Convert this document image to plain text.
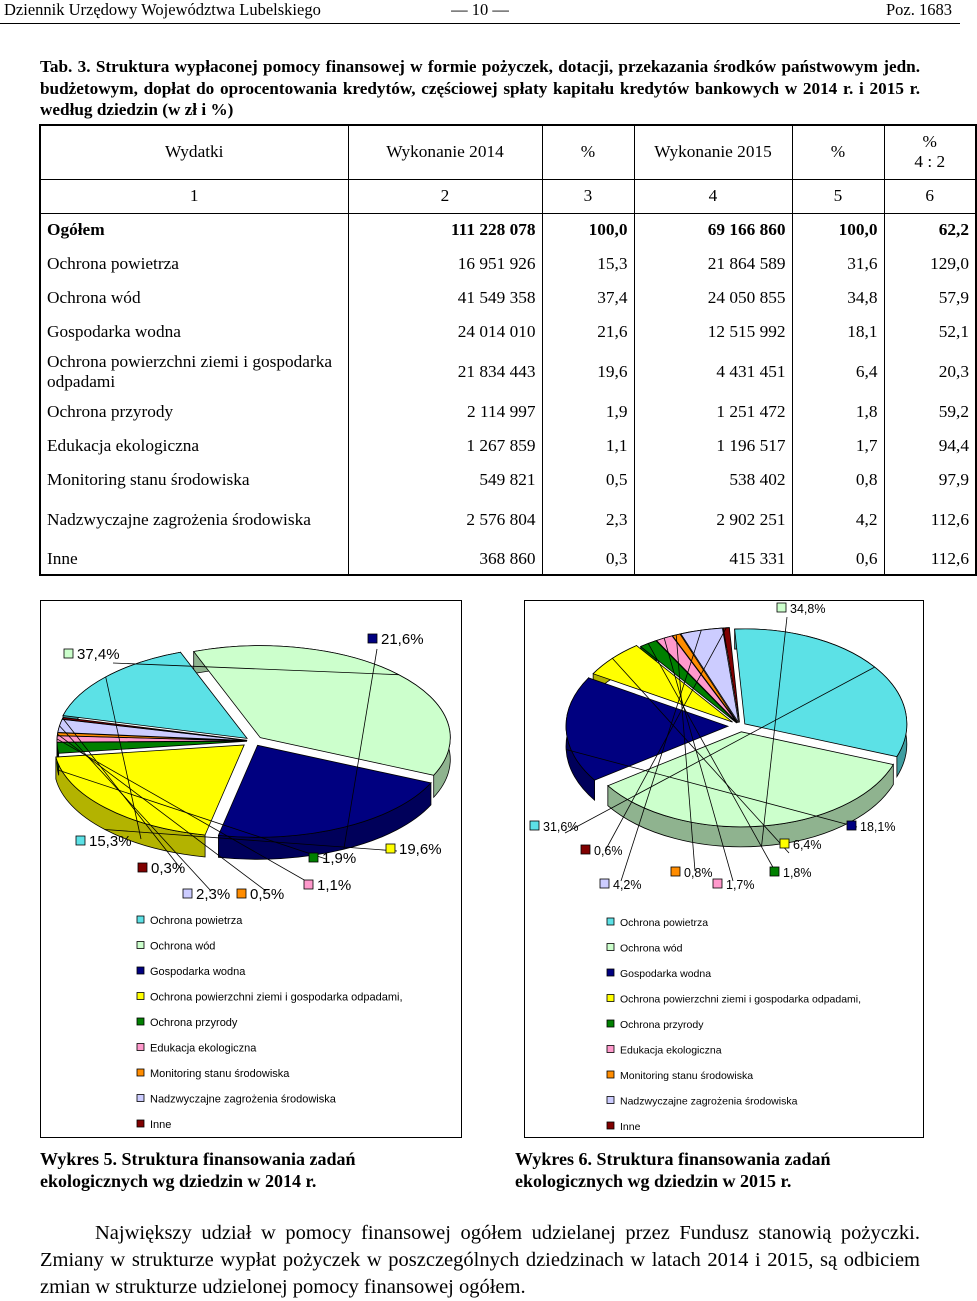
Dziennik Urzędowy Województwa Lubelskiego	— 10 —	Poz. 1683
Tab. 3. Struktura wypłaconej pomocy finansowej w formie pożyczek, dotacji, przekazania środków państwowym jedn. budżetowym, dopłat do oprocentowania kredytów, częściowej spłaty kapitału kredytów bankowych w 2014 r. i 2015 r. według dziedzin (w zł i %)
Wydatki	Wykonanie 2014	%	Wykonanie 2015	%	%
4 : 2

1	2	3	4	5	6
Ogółem	111 228 078	100,0	69 166 860	100,0	62,2
Ochrona powietrza	16 951 926	15,3	21 864 589	31,6	129,0
Ochrona wód	41 549 358	37,4	24 050 855	34,8	57,9
Gospodarka wodna	24 014 010	21,6	12 515 992	18,1	52,1
Ochrona powierzchni ziemi i gospodarka odpadami	21 834 443	19,6	4 431 451	6,4	20,3
Ochrona przyrody	2 114 997	1,9	1 251 472	1,8	59,2
Edukacja ekologiczna	1 267 859	1,1	1 196 517	1,7	94,4
Monitoring stanu środowiska	549 821	0,5	538 402	0,8	97,9
Nadzwyczajne zagrożenia środowiska	2 576 804	2,3	2 902 251	4,2	112,6
Inne	368 860	0,3	415 331	0,6	112,6
15,3%
37,4%
21,6%
19,6%
1,9%
1,1%
0,5%
2,3%
0,3%
Ochrona powietrza
Ochrona wód
Gospodarka wodna
Ochrona powierzchni ziemi i gospodarka odpadami,
Ochrona przyrody
Edukacja ekologiczna
Monitoring stanu środowiska
Nadzwyczajne zagrożenia środowiska
Inne
31,6%
34,8%
18,1%
6,4%
1,8%
1,7%
0,8%
4,2%
0,6%
Ochrona powietrza
Ochrona wód
Gospodarka wodna
Ochrona powierzchni ziemi i gospodarka odpadami,
Ochrona przyrody
Edukacja ekologiczna
Monitoring stanu środowiska
Nadzwyczajne zagrożenia środowiska
Inne
Wykres 5. Struktura finansowania zadań ekologicznych wg dziedzin w 2014 r.
Wykres 6. Struktura finansowania zadań ekologicznych wg dziedzin w 2015 r.
Największy udział w pomocy finansowej ogółem udzielanej przez Fundusz stanowią pożyczki. Zmiany w strukturze wypłat pożyczek w poszczególnych dziedzinach w latach 2014 i 2015, są odbiciem zmian w strukturze udzielonej pomocy finansowej ogółem.
